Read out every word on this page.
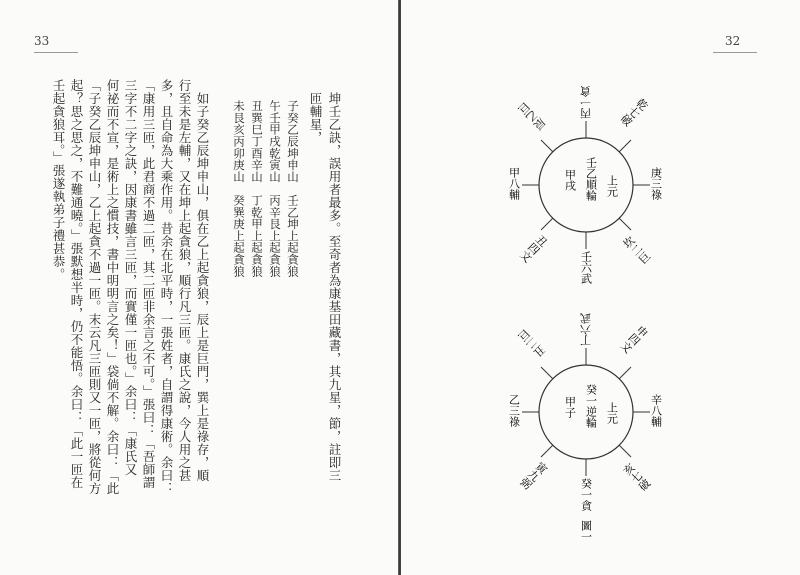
33
坤壬乙訣，誤用者最多。至奇者為康基田藏書，其九星，節，註即三
匝輔星，
子癸乙辰坤申山　壬乙坤上起貪狼
午壬甲戌乾寅山　丙辛艮上起貪狼
丑巽巳丁酉辛山　丁乾甲上起貪狼
未艮亥丙卯庚山　癸巽庚上起貪狼
如子癸乙辰坤申山，俱在乙上起貪狼，辰上是巨門，巽上是祿存，順
行至未是左輔，又在坤上起貪狼，順行凡三匝。康氏之說，今人用之甚
多，且自命為大乘作用。昔余在北平時，一張姓者，自謂得康術。余曰：
「康用三匝，此君商不過二匝，其二匝非余言之不可。」張曰：「吾師謂
三字不二字之訣，因康書雖言三匝，而實僅一匝也。」余曰：「康氏又
何祕而不宣，是術上之慣技，書中明明言之矣！」袋倘不解。余曰：「此
「子癸乙辰坤申山，乙上起貪不過一匝。末云凡三匝則又一匝，將從何方
起？思之思之，不難通曉。」張默想半時，仍不能悟。余曰：「此一匝在
壬起貪狼耳。」張遂執弟子禮甚恭。
32
上元
壬乙順輪
甲戌
壬六武
坎二巨
庚三祿
乾七破
丙一貪
辰乙巨
甲八輔
丑四文
上元
癸一逆輪
甲子
癸一貪
亥七破
辛八輔
申四文
丁六武
丑二巨
乙三祿
寅九弼
圖一
